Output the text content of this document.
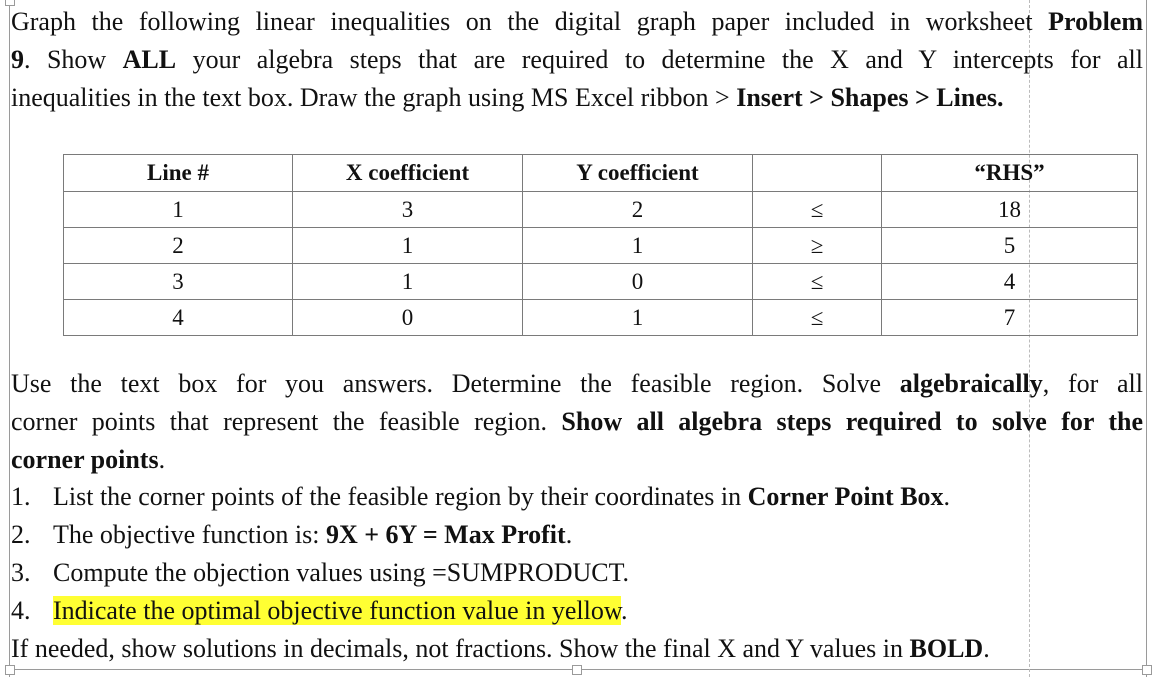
Graph the following linear inequalities on the digital graph paper included in worksheet Problem
9. Show ALL your algebra steps that are required to determine the X and Y intercepts for all
inequalities in the text box. Draw the graph using MS Excel ribbon > Insert > Shapes > Lines.

Line #	X coefficient	Y coefficient		“RHS”
1	3	2	≤	18
2	1	1	≥	5
3	1	0	≤	4
4	0	1	≤	7

Use the text box for you answers. Determine the feasible region. Solve algebraically, for all
corner points that represent the feasible region. Show all algebra steps required to solve for the
corner points.

1. List the corner points of the feasible region by their coordinates in Corner Point Box.
2. The objective function is: 9X + 6Y = Max Profit.
3. Compute the objection values using =SUMPRODUCT.
4. Indicate the optimal objective function value in yellow.

If needed, show solutions in decimals, not fractions. Show the final X and Y values in BOLD.
